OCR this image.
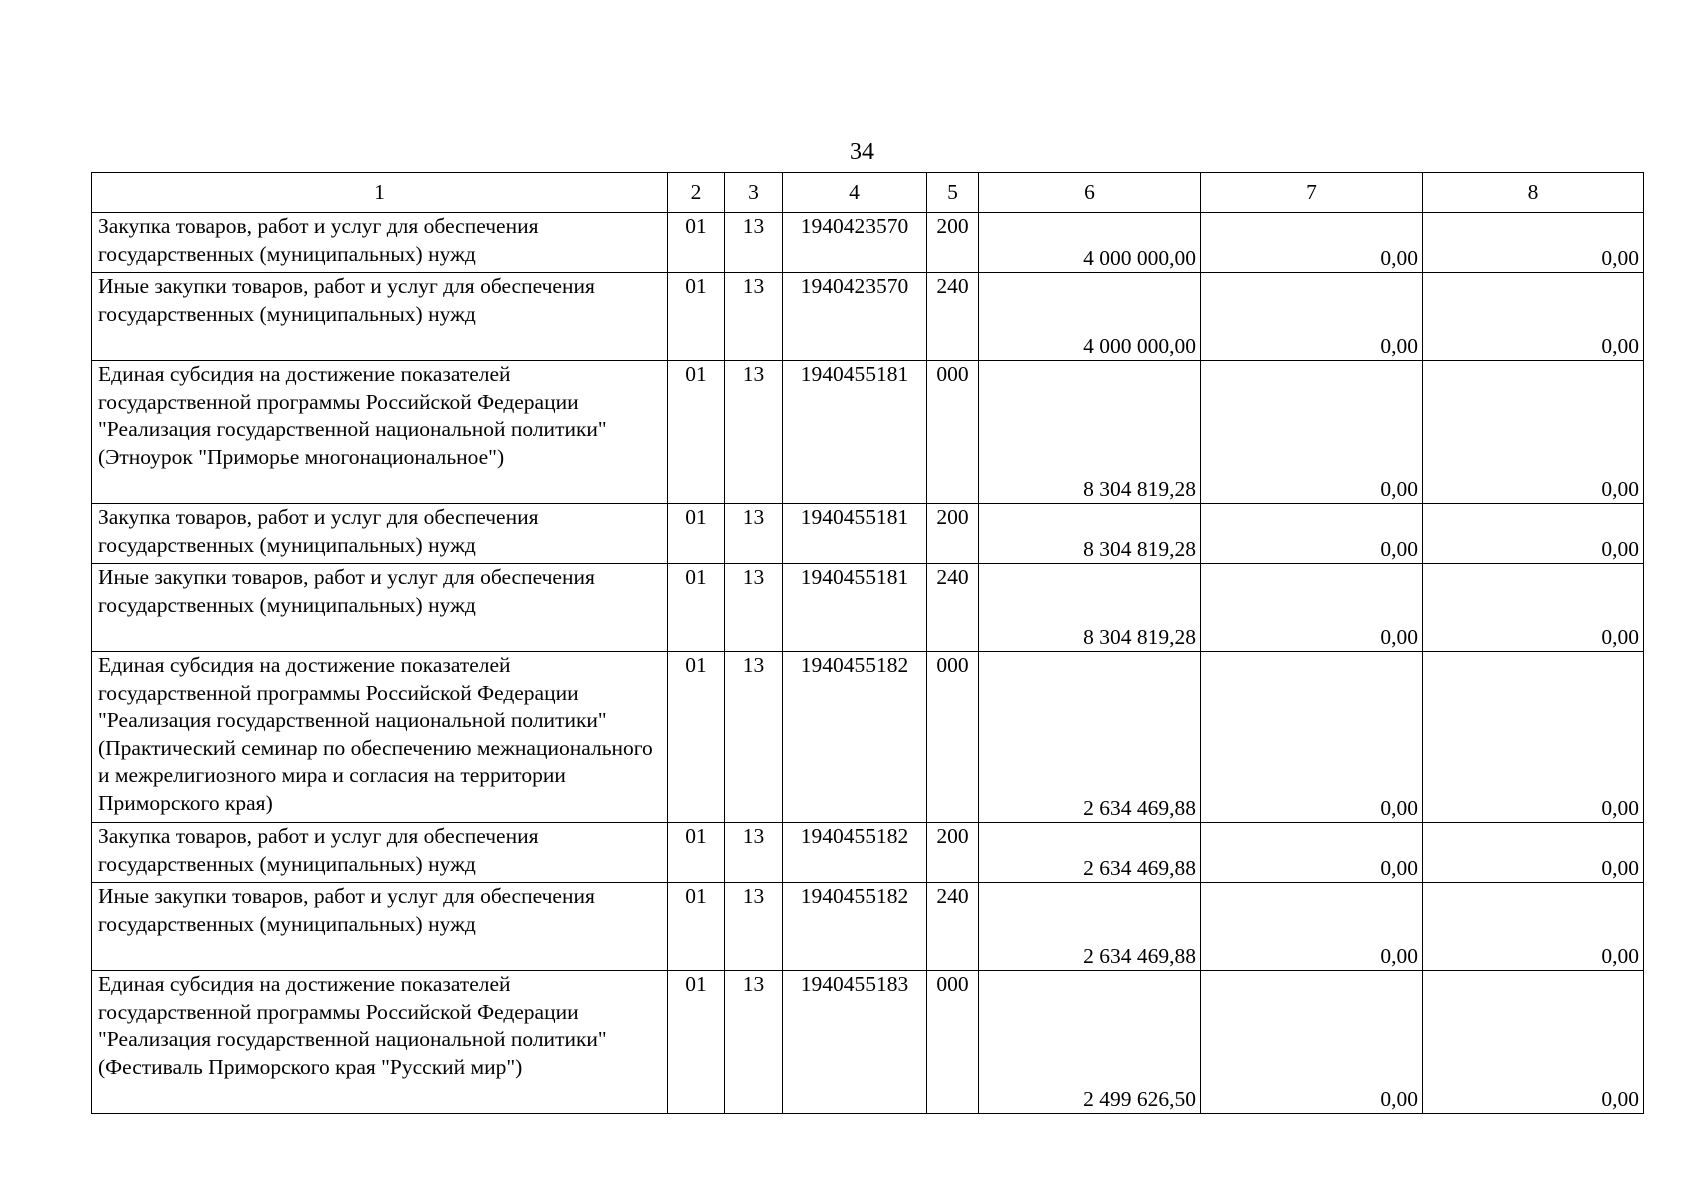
34
1	2	3	4	5	6	7	8
Закупка товаров, работ и услуг для обеспечения государственных (муниципальных) нужд	01	13	1940423570	200	4 000 000,00	0,00	0,00
Иные закупки товаров, работ и услуг для обеспечения государственных (муниципальных) нужд	01	13	1940423570	240	4 000 000,00	0,00	0,00
Единая субсидия на достижение показателей государственной программы Российской Федерации "Реализация государственной национальной политики" (Этноурок "Приморье многонациональное")	01	13	1940455181	000	8 304 819,28	0,00	0,00
Закупка товаров, работ и услуг для обеспечения государственных (муниципальных) нужд	01	13	1940455181	200	8 304 819,28	0,00	0,00
Иные закупки товаров, работ и услуг для обеспечения государственных (муниципальных) нужд	01	13	1940455181	240	8 304 819,28	0,00	0,00
Единая субсидия на достижение показателей государственной программы Российской Федерации "Реализация государственной национальной политики" (Практический семинар по обеспечению межнационального и межрелигиозного мира и согласия на территории Приморского края)	01	13	1940455182	000	2 634 469,88	0,00	0,00
Закупка товаров, работ и услуг для обеспечения государственных (муниципальных) нужд	01	13	1940455182	200	2 634 469,88	0,00	0,00
Иные закупки товаров, работ и услуг для обеспечения государственных (муниципальных) нужд	01	13	1940455182	240	2 634 469,88	0,00	0,00
Единая субсидия на достижение показателей государственной программы Российской Федерации "Реализация государственной национальной политики" (Фестиваль Приморского края "Русский мир")	01	13	1940455183	000	2 499 626,50	0,00	0,00
